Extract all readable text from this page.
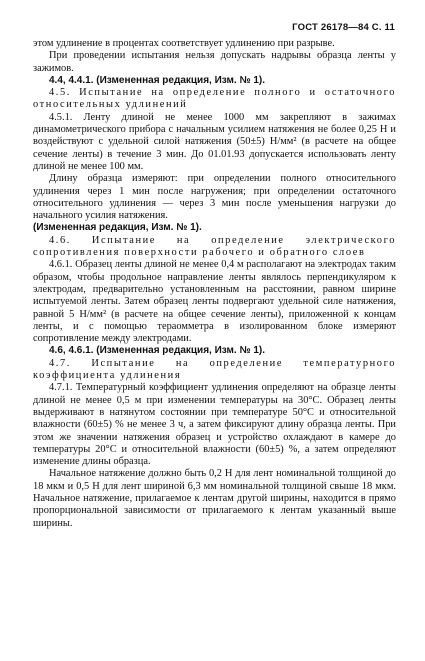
ГОСТ 26178—84 С. 11

этом удлинение в процентах соответствует удлинению при разрыве.

При проведении испытания нельзя допускать надрывы образца ленты у зажимов.

4.4, 4.4.1. (Измененная редакция, Изм. № 1).

4.5. Испытание на определение полного и остаточного относительных удлинений

4.5.1. Ленту длиной не менее 1000 мм закрепляют в зажимах динамометрического прибора с начальным усилием натяжения не более 0,25 Н и воздействуют с удельной силой натяжения (50±5) Н/мм² (в расчете на общее сечение ленты) в течение 3 мин. До 01.01.93 допускается использовать ленту длиной не менее 100 мм.

Длину образца измеряют: при определении полного относительного удлинения через 1 мин после нагружения; при определении остаточного относительного удлинения — через 3 мин после уменьшения нагрузки до начального усилия натяжения.

(Измененная редакция, Изм. № 1).

4.6. Испытание на определение электрического сопротивления поверхности рабочего и обратного слоев

4.6.1. Образец ленты длиной не менее 0,4 м располагают на электродах таким образом, чтобы продольное направление ленты являлось перпендикуляром к электродам, предварительно установленным на расстоянии, равном ширине испытуемой ленты. Затем образец ленты подвергают удельной силе натяжения, равной 5 Н/мм² (в расчете на общее сечение ленты), приложенной к концам ленты, и с помощью тераомметра в изолированном блоке измеряют сопротивление между электродами.

4.6, 4.6.1. (Измененная редакция, Изм. № 1).

4.7. Испытание на определение температурного коэффициента удлинения

4.7.1. Температурный коэффициент удлинения определяют на образце ленты длиной не менее 0,5 м при изменении температуры на 30°С. Образец ленты выдерживают в натянутом состоянии при температуре 50°С и относительной влажности (60±5) % не менее 3 ч, а затем фиксируют длину образца ленты. При этом же значении натяжения образец и устройство охлаждают в камере до температуры 20°С и относительной влажности (60±5) %, а затем определяют изменение длины образца.

Начальное натяжение должно быть 0,2 Н для лент номинальной толщиной до 18 мкм и 0,5 Н для лент шириной 6,3 мм номинальной толщиной свыше 18 мкм. Начальное натяжение, прилагаемое к лентам другой ширины, находится в прямо пропорциональной зависимости от прилагаемого к лентам указанный выше ширины.
